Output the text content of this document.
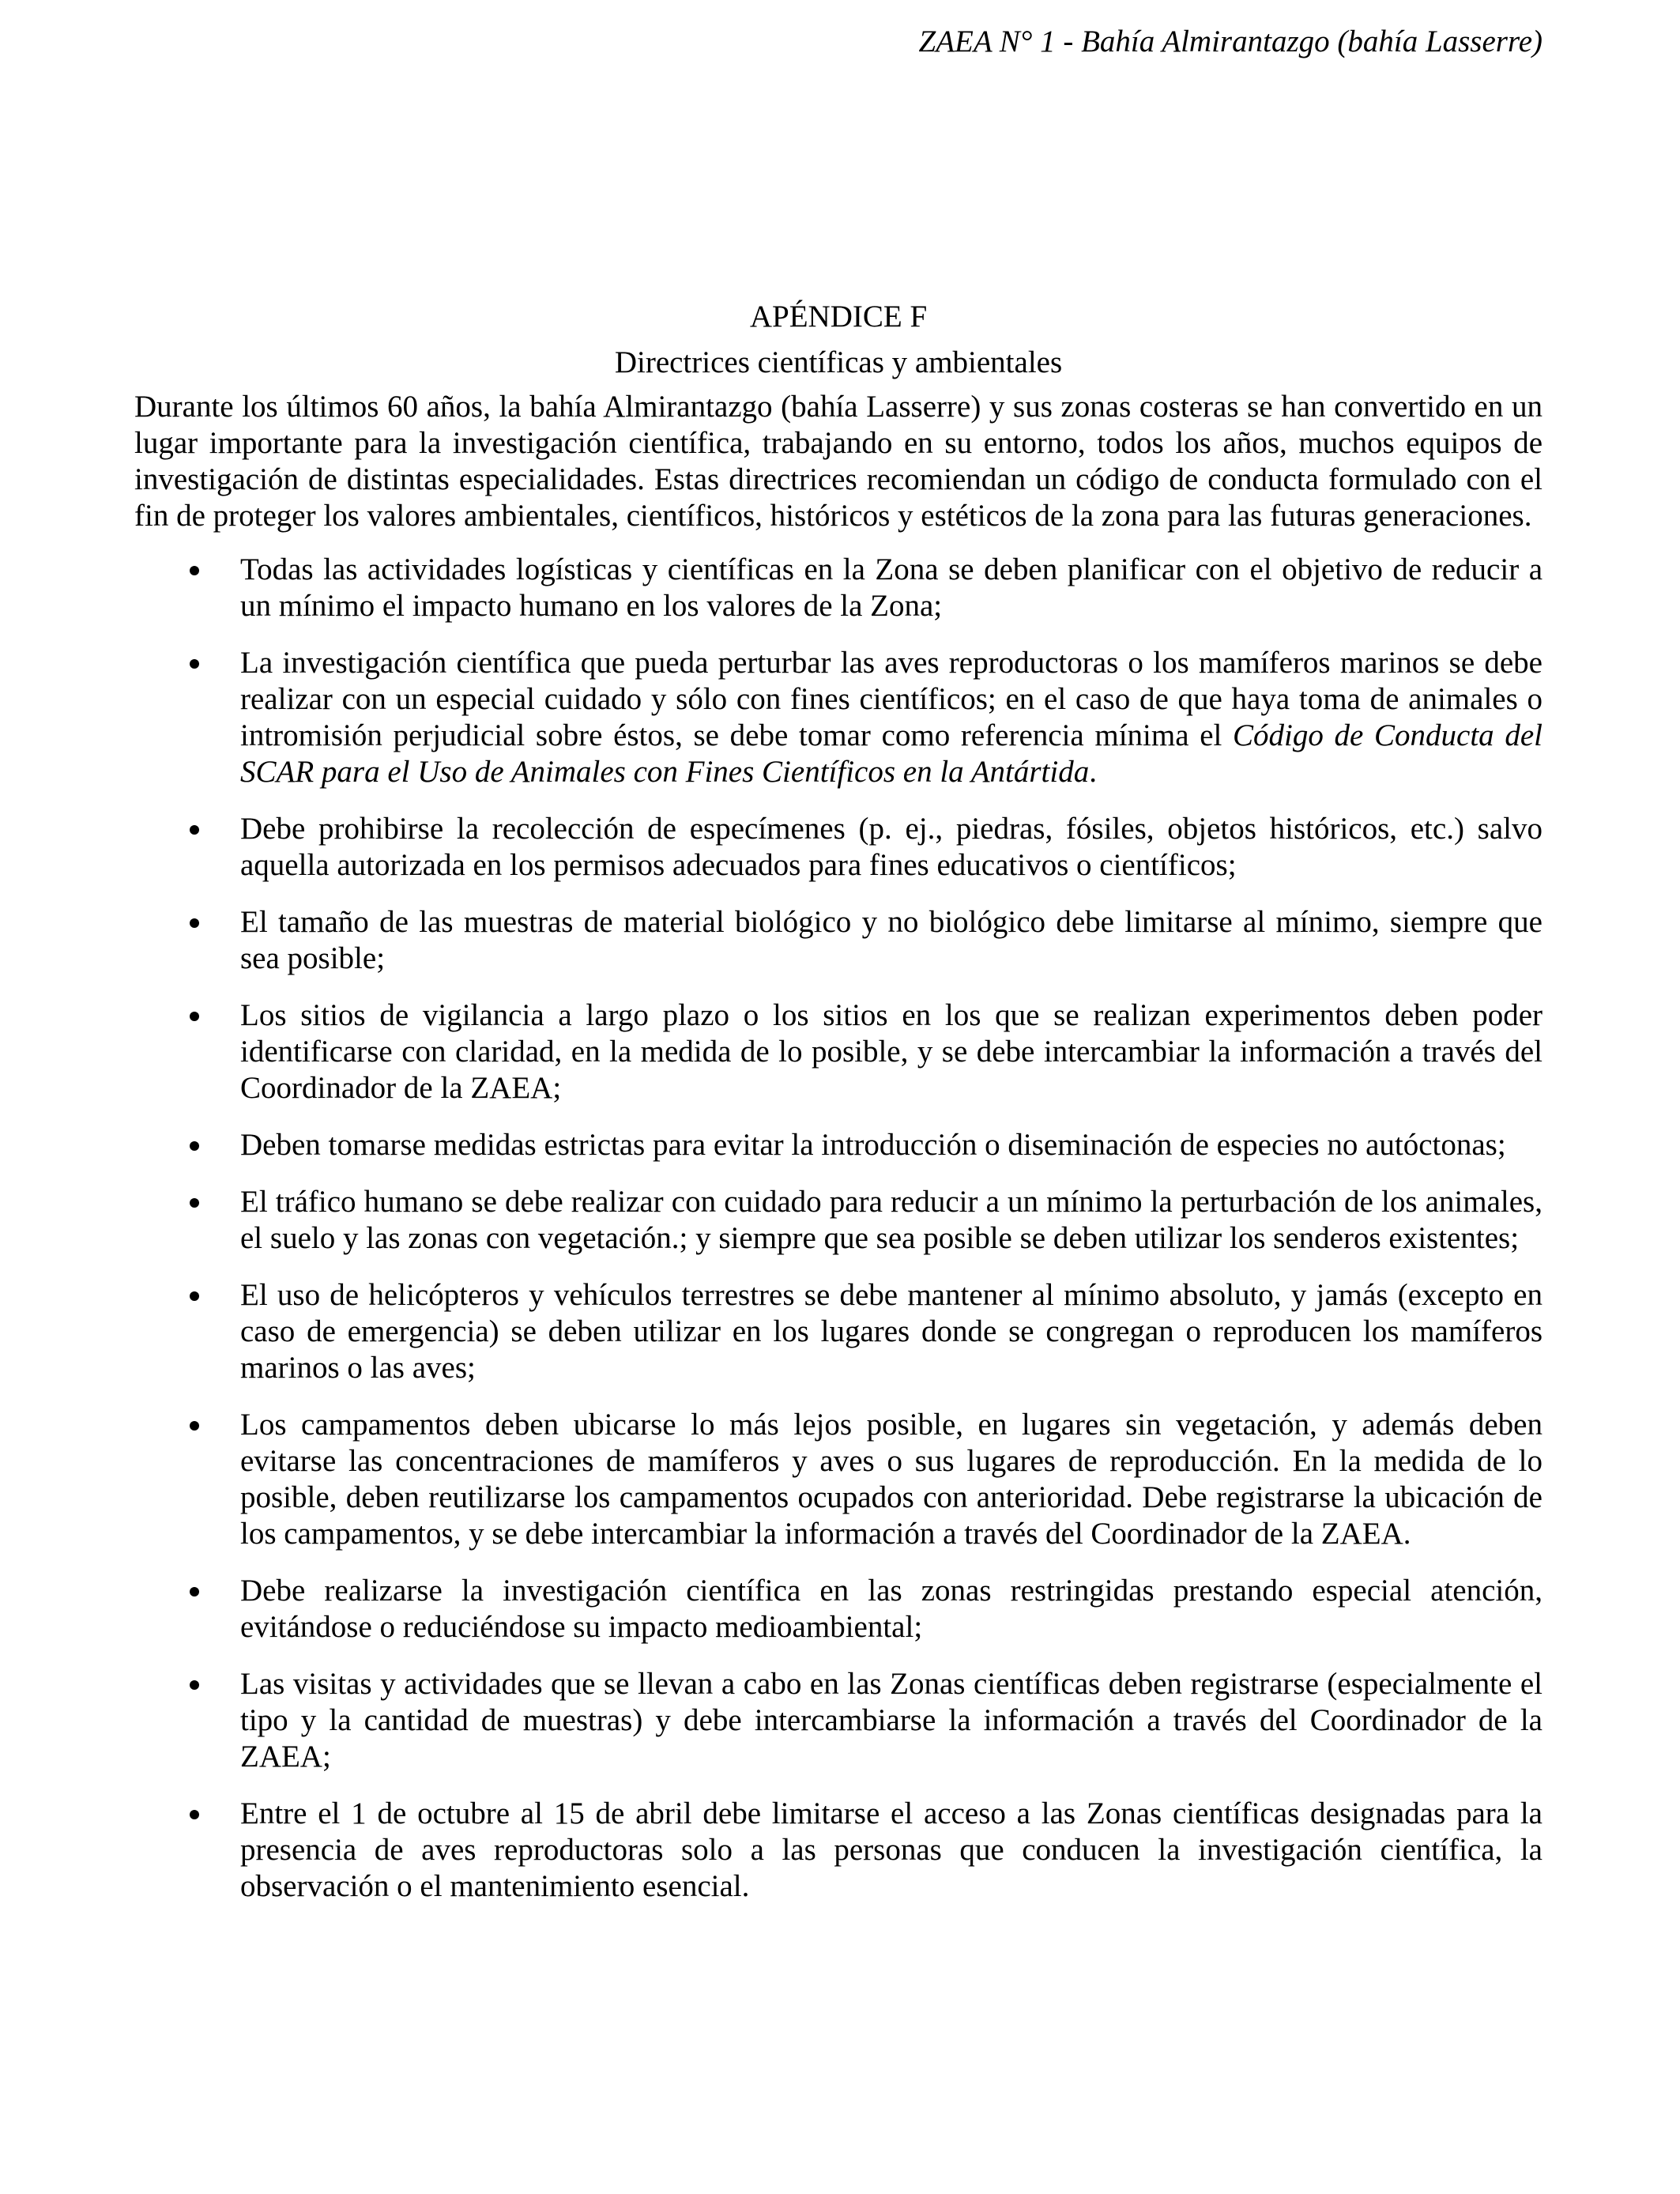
ZAEA N° 1 - Bahía Almirantazgo (bahía Lasserre)
APÉNDICE F
Directrices científicas y ambientales

Durante los últimos 60 años, la bahía Almirantazgo (bahía Lasserre) y sus zonas costeras se han convertido en un lugar importante para la investigación científica, trabajando en su entorno, todos los años, muchos equipos de investigación de distintas especialidades. Estas directrices recomiendan un código de conducta formulado con el fin de proteger los valores ambientales, científicos, históricos y estéticos de la zona para las futuras generaciones.

Todas las actividades logísticas y científicas en la Zona se deben planificar con el objetivo de reducir a un mínimo el impacto humano en los valores de la Zona;
La investigación científica que pueda perturbar las aves reproductoras o los mamíferos marinos se debe realizar con un especial cuidado y sólo con fines científicos; en el caso de que haya toma de animales o intromisión perjudicial sobre éstos, se debe tomar como referencia mínima el Código de Conducta del SCAR para el Uso de Animales con Fines Científicos en la Antártida.
Debe prohibirse la recolección de especímenes (p. ej., piedras, fósiles, objetos históricos, etc.) salvo aquella autorizada en los permisos adecuados para fines educativos o científicos;
El tamaño de las muestras de material biológico y no biológico debe limitarse al mínimo, siempre que sea posible;
Los sitios de vigilancia a largo plazo o los sitios en los que se realizan experimentos deben poder identificarse con claridad, en la medida de lo posible, y se debe intercambiar la información a través del Coordinador de la ZAEA;
Deben tomarse medidas estrictas para evitar la introducción o diseminación de especies no autóctonas;
El tráfico humano se debe realizar con cuidado para reducir a un mínimo la perturbación de los animales, el suelo y las zonas con vegetación.; y siempre que sea posible se deben utilizar los senderos existentes;
El uso de helicópteros y vehículos terrestres se debe mantener al mínimo absoluto, y jamás (excepto en caso de emergencia) se deben utilizar en los lugares donde se congregan o reproducen los mamíferos marinos o las aves;
Los campamentos deben ubicarse lo más lejos posible, en lugares sin vegetación, y además deben evitarse las concentraciones de mamíferos y aves o sus lugares de reproducción. En la medida de lo posible, deben reutilizarse los campamentos ocupados con anterioridad. Debe registrarse la ubicación de los campamentos, y se debe intercambiar la información a través del Coordinador de la ZAEA.
Debe realizarse la investigación científica en las zonas restringidas prestando especial atención, evitándose o reduciéndose su impacto medioambiental;
Las visitas y actividades que se llevan a cabo en las Zonas científicas deben registrarse (especialmente el tipo y la cantidad de muestras) y debe intercambiarse la información a través del Coordinador de la ZAEA;
Entre el 1 de octubre al 15 de abril debe limitarse el acceso a las Zonas científicas designadas para la presencia de aves reproductoras solo a las personas que conducen la investigación científica, la observación o el mantenimiento esencial.
